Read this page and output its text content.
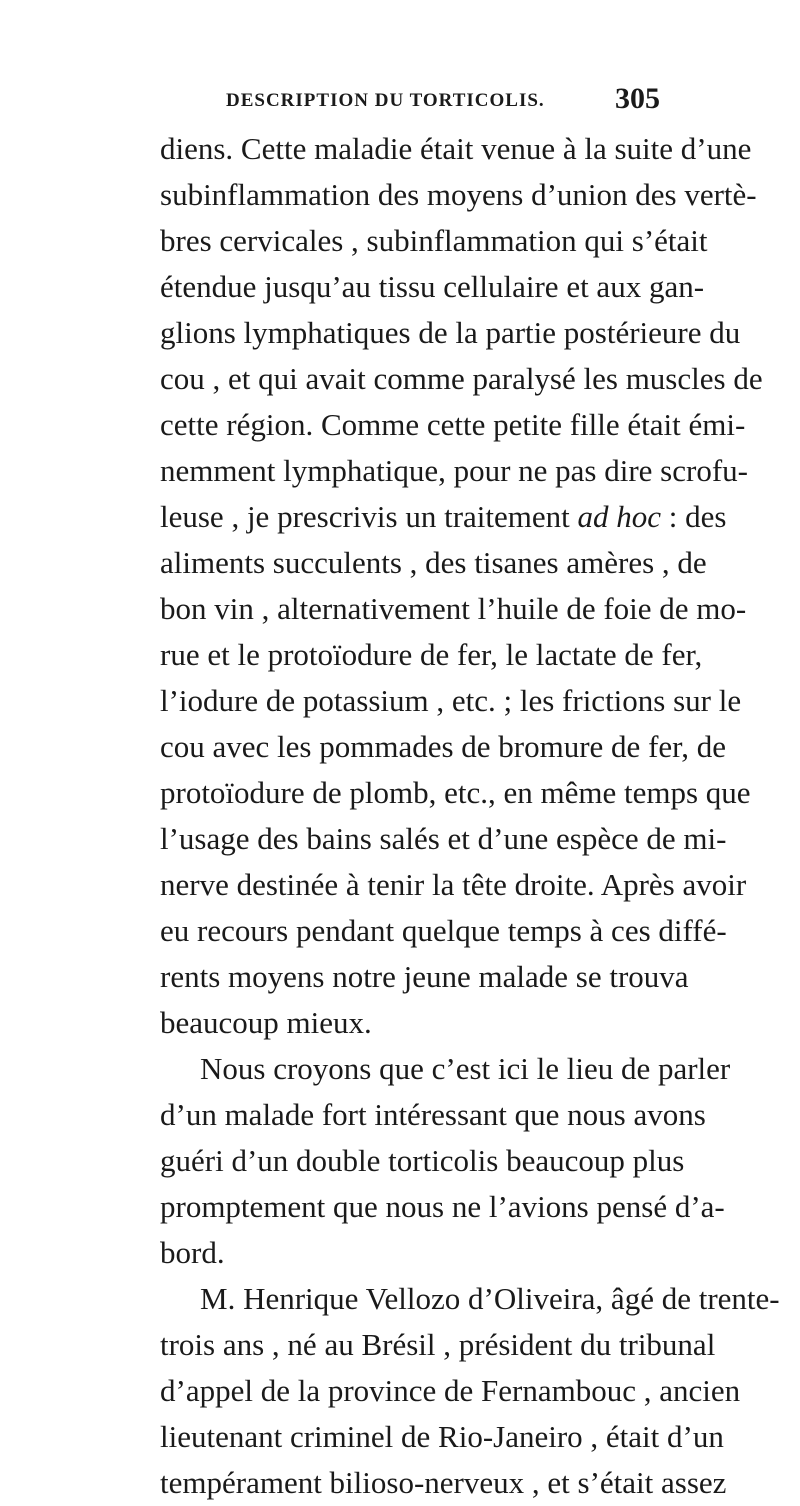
DESCRIPTION DU TORTICOLIS. 305
diens. Cette maladie était venue à la suite d’une
subinflammation des moyens d’union des vertè-
bres cervicales , subinflammation qui s’était
étendue jusqu’au tissu cellulaire et aux gan-
glions lymphatiques de la partie postérieure du
cou , et qui avait comme paralysé les muscles de
cette région. Comme cette petite fille était émi-
nemment lymphatique, pour ne pas dire scrofu-
leuse , je prescrivis un traitement ad hoc : des
aliments succulents , des tisanes amères , de
bon vin , alternativement l’huile de foie de mo-
rue et le protoïodure de fer, le lactate de fer,
l’iodure de potassium , etc. ; les frictions sur le
cou avec les pommades de bromure de fer, de
protoïodure de plomb, etc., en même temps que
l’usage des bains salés et d’une espèce de mi-
nerve destinée à tenir la tête droite. Après avoir
eu recours pendant quelque temps à ces diffé-
rents moyens notre jeune malade se trouva
beaucoup mieux.
Nous croyons que c’est ici le lieu de parler
d’un malade fort intéressant que nous avons
guéri d’un double torticolis beaucoup plus
promptement que nous ne l’avions pensé d’a-
bord.
M. Henrique Vellozo d’Oliveira, âgé de trente-
trois ans , né au Brésil , président du tribunal
d’appel de la province de Fernambouc , ancien
lieutenant criminel de Rio-Janeiro , était d’un
tempérament bilioso-nerveux , et s’était assez
